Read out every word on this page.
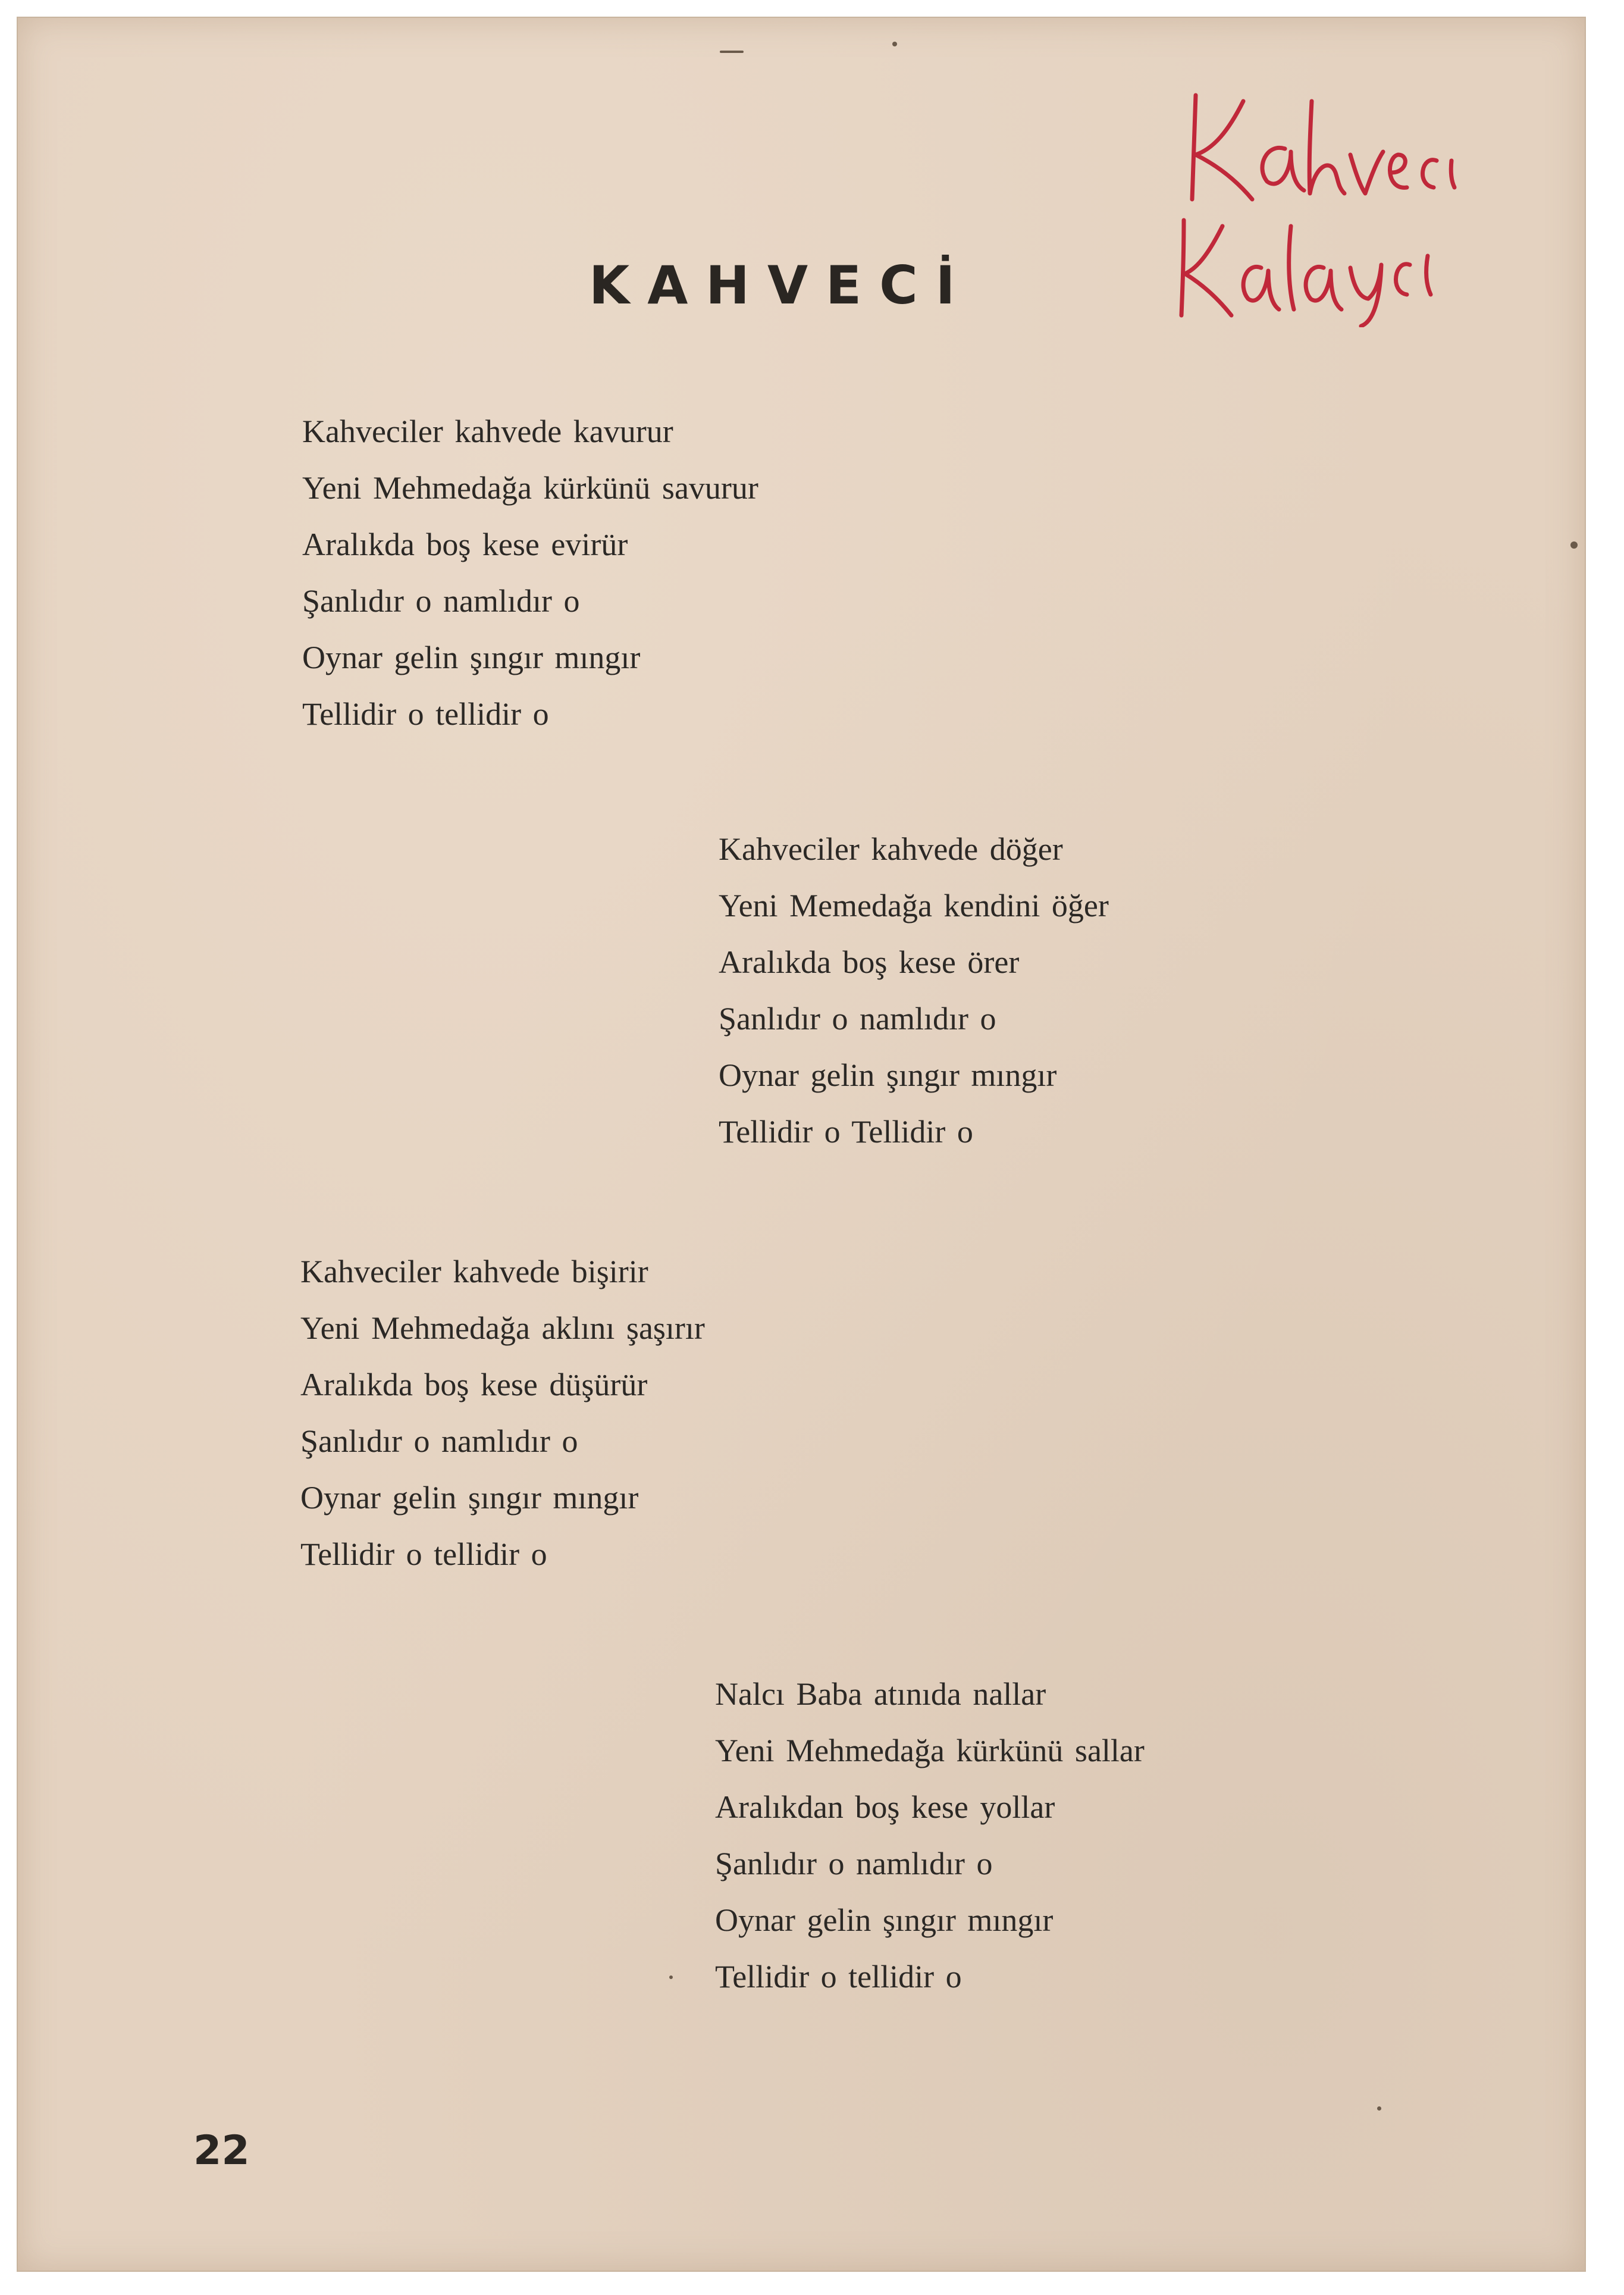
KAHVECİ
Kahveciler kahvede kavurur
Yeni Mehmedağa kürkünü savurur
Aralıkda boş kese evirür
Şanlıdır o namlıdır o
Oynar gelin şıngır mıngır
Tellidir o tellidir o
Kahveciler kahvede döğer
Yeni Memedağa kendini öğer
Aralıkda boş kese örer
Şanlıdır o namlıdır o
Oynar gelin şıngır mıngır
Tellidir o Tellidir o
Kahveciler kahvede bişirir
Yeni Mehmedağa aklını şaşırır
Aralıkda boş kese düşürür
Şanlıdır o namlıdır o
Oynar gelin şıngır mıngır
Tellidir o tellidir o
Nalcı Baba atınıda nallar
Yeni Mehmedağa kürkünü sallar
Aralıkdan boş kese yollar
Şanlıdır o namlıdır o
Oynar gelin şıngır mıngır
Tellidir o tellidir o
22
